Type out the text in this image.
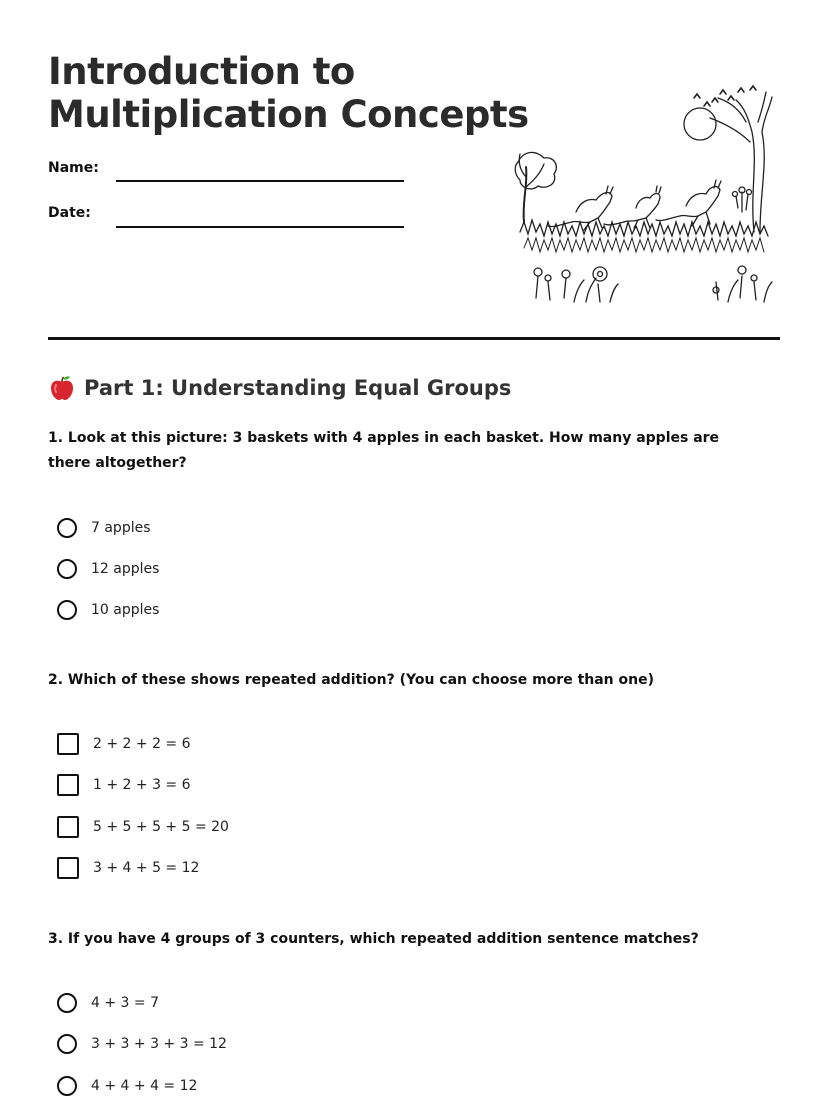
Introduction to
Multiplication Concepts
Name:
Date:
Part 1: Understanding Equal Groups

1. Look at this picture: 3 baskets with 4 apples in each basket. How many apples are there altogether?

7 apples
12 apples
10 apples

2. Which of these shows repeated addition? (You can choose more than one)

2 + 2 + 2 = 6
1 + 2 + 3 = 6
5 + 5 + 5 + 5 = 20
3 + 4 + 5 = 12

3. If you have 4 groups of 3 counters, which repeated addition sentence matches?

4 + 3 = 7
3 + 3 + 3 + 3 = 12
4 + 4 + 4 = 12
